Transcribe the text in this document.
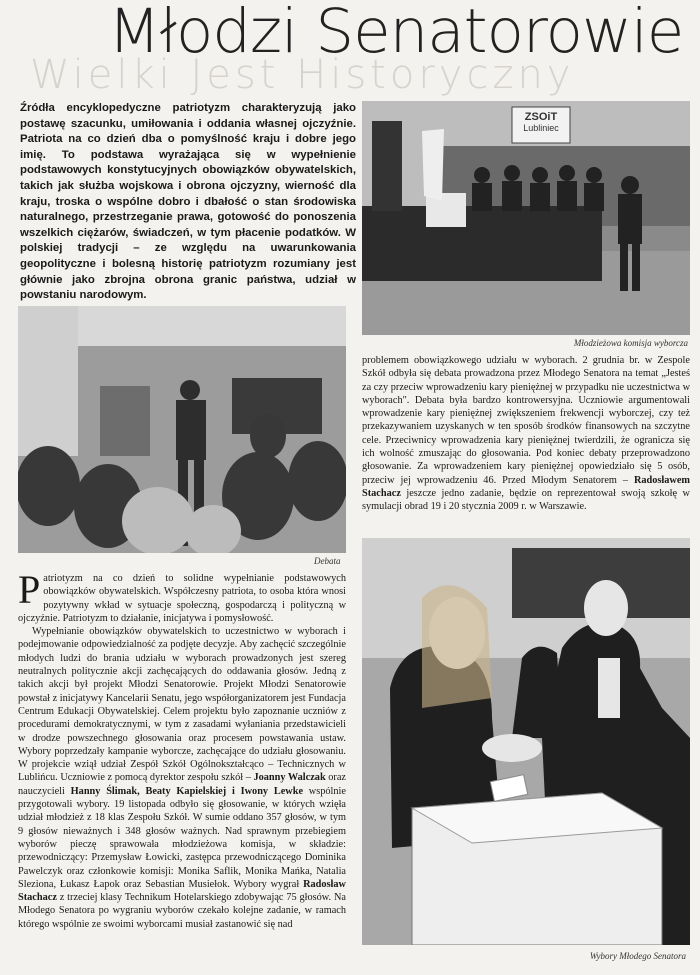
Wielki Jest Historyczny
Młodzi Senatorowie

Źródła encyklopedyczne patriotyzm charakteryzują jako postawę szacunku, umiłowania i oddania własnej ojczyźnie. Patriota na co dzień dba o pomyślność kraju i dobre jego imię. To podstawa wyrażająca się w wypełnienie podstawowych konstytucyjnych obowiązków obywatelskich, takich jak służba wojskowa i obrona ojczyzny, wierność dla kraju, troska o wspólne dobro i dbałość o stan środowiska naturalnego, przestrzeganie prawa, gotowość do ponoszenia wszelkich ciężarów, świadczeń, w tym płacenie podatków. W polskiej tradycji – ze względu na uwarunkowania geopolityczne i bolesną historię patriotyzm rozumiany jest głównie jako zbrojna obrona granic państwa, udział w powstaniu narodowym.

ZSOiT
Lubliniec
Młodzieżowa komisja wyborcza
Debata
Wybory Młodego Senatora

Patriotyzm na co dzień to solidne wypełnianie podstawowych obowiązków obywatelskich. Współczesny patriota, to osoba która wnosi pozytywny wkład w sytuacje społeczną, gospodarczą i polityczną w ojczyźnie. Patriotyzm to działanie, inicjatywa i pomysłowość.

Wypełnianie obowiązków obywatelskich to uczestnictwo w wyborach i podejmowanie odpowiedzialność za podjęte decyzje. Aby zachęcić szczególnie młodych ludzi do brania udziału w wyborach prowadzonych jest szereg neutralnych politycznie akcji zachęcających do oddawania głosów. Jedną z takich akcji był projekt Młodzi Senatorowie. Projekt Młodzi Senatorowie powstał z inicjatywy Kancelarii Senatu, jego współorganizatorem jest Fundacja Centrum Edukacji Obywatelskiej. Celem projektu było zapoznanie uczniów z procedurami demokratycznymi, w tym z zasadami wyłaniania przedstawicieli w drodze powszechnego głosowania oraz procesem powstawania ustaw. Wybory poprzedzały kampanie wyborcze, zachęcające do udziału głosowaniu. W projekcie wziął udział Zespół Szkół Ogólnokształcąco – Technicznych w Lublińcu. Uczniowie z pomocą dyrektor zespołu szkół – Joanny Walczak oraz nauczycieli Hanny Ślimak, Beaty Kapielskiej i Iwony Lewke wspólnie przygotowali wybory. 19 listopada odbyło się głosowanie, w których wzięła udział młodzież z 18 klas Zespołu Szkół. W sumie oddano 357 głosów, w tym 9 głosów nieważnych i 348 głosów ważnych. Nad sprawnym przebiegiem wyborów pieczę sprawowała młodzieżowa komisja, w składzie: przewodniczący: Przemysław Łowicki, zastępca przewodniczącego Dominika Pawelczyk oraz członkowie komisji: Monika Saflik, Monika Mańka, Natalia Sleziona, Łukasz Łapok oraz Sebastian Musiełok. Wybory wygrał Radosław Stachacz z trzeciej klasy Technikum Hotelarskiego zdobywając 75 głosów. Na Młodego Senatora po wygraniu wyborów czekało kolejne zadanie, w ramach którego wspólnie ze swoimi wyborcami musiał zastanowić się nad

problemem obowiązkowego udziału w wyborach. 2 grudnia br. w Zespole Szkół odbyła się debata prowadzona przez Młodego Senatora na temat „Jesteś za czy przeciw wprowadzeniu kary pieniężnej w przypadku nie uczestnictwa w wyborach". Debata była bardzo kontrowersyjna. Uczniowie argumentowali wprowadzenie kary pieniężnej zwiększeniem frekwencji wyborczej, czy też przekazywaniem uzyskanych w ten sposób środków finansowych na szczytne cele. Przeciwnicy wprowadzenia kary pieniężnej twierdzili, że ogranicza się ich wolność zmuszając do głosowania. Pod koniec debaty przeprowadzono głosowanie. Za wprowadzeniem kary pieniężnej opowiedziało się 5 osób, przeciw jej wprowadzeniu 46. Przed Młodym Senatorem – Radosławem Stachacz jeszcze jedno zadanie, będzie on reprezentował swoją szkołę w symulacji obrad 19 i 20 stycznia 2009 r. w Warszawie.
